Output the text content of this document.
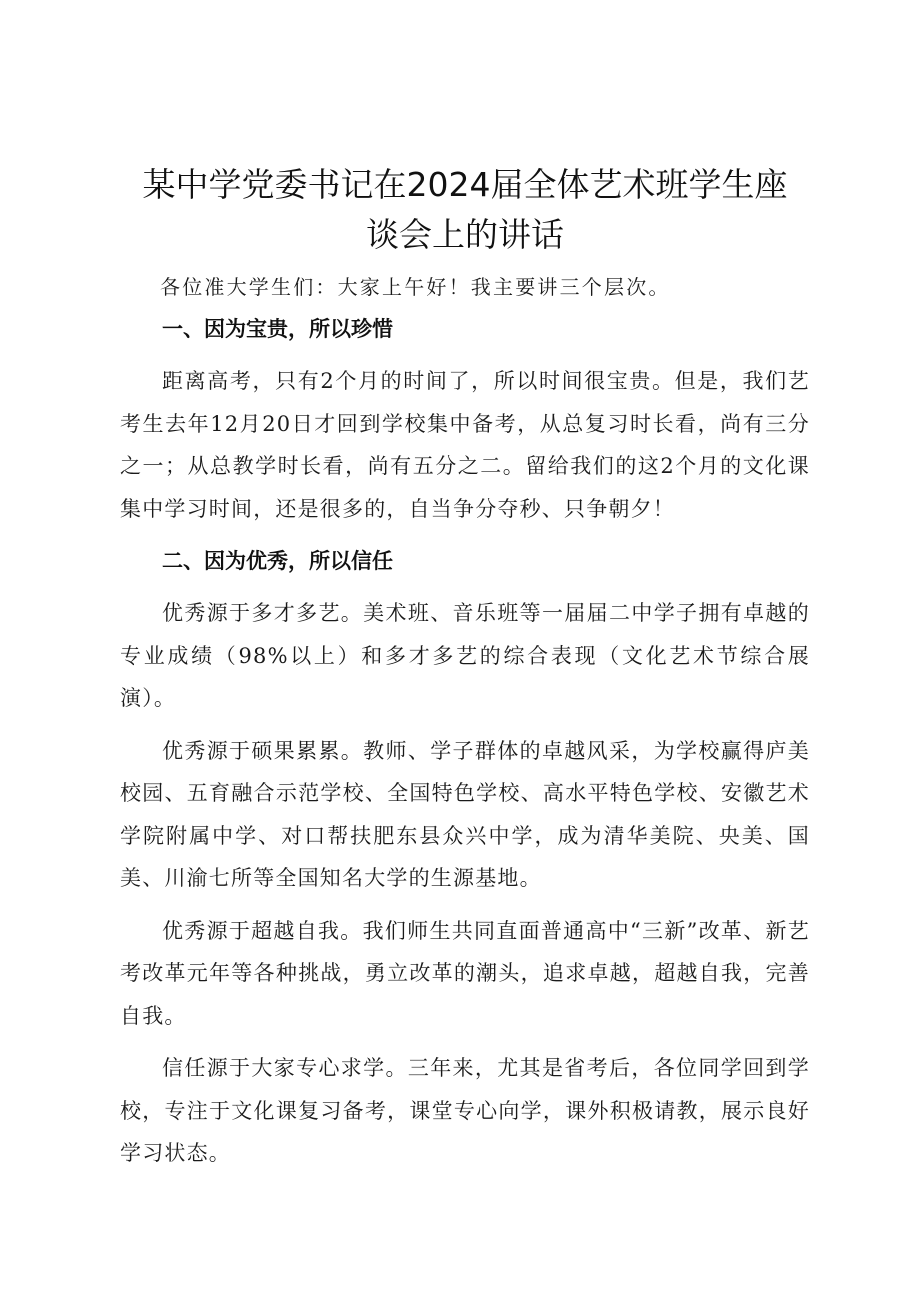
某中学党委书记在2024届全体艺术班学生座
谈会上的讲话

各位准大学生们：大家上午好！我主要讲三个层次。

一、因为宝贵，所以珍惜

距离高考，只有2个月的时间了，所以时间很宝贵。但是，我们艺考生去年12月20日才回到学校集中备考，从总复习时长看，尚有三分之一；从总教学时长看，尚有五分之二。留给我们的这2个月的文化课集中学习时间，还是很多的，自当争分夺秒、只争朝夕！

二、因为优秀，所以信任

优秀源于多才多艺。美术班、音乐班等一届届二中学子拥有卓越的专业成绩（98%以上）和多才多艺的综合表现（文化艺术节综合展演）。

优秀源于硕果累累。教师、学子群体的卓越风采，为学校赢得庐美校园、五育融合示范学校、全国特色学校、高水平特色学校、安徽艺术学院附属中学、对口帮扶肥东县众兴中学，成为清华美院、央美、国美、川渝七所等全国知名大学的生源基地。

优秀源于超越自我。我们师生共同直面普通高中“三新”改革、新艺考改革元年等各种挑战，勇立改革的潮头，追求卓越，超越自我，完善自我。

信任源于大家专心求学。三年来，尤其是省考后，各位同学回到学校，专注于文化课复习备考，课堂专心向学，课外积极请教，展示良好学习状态。
